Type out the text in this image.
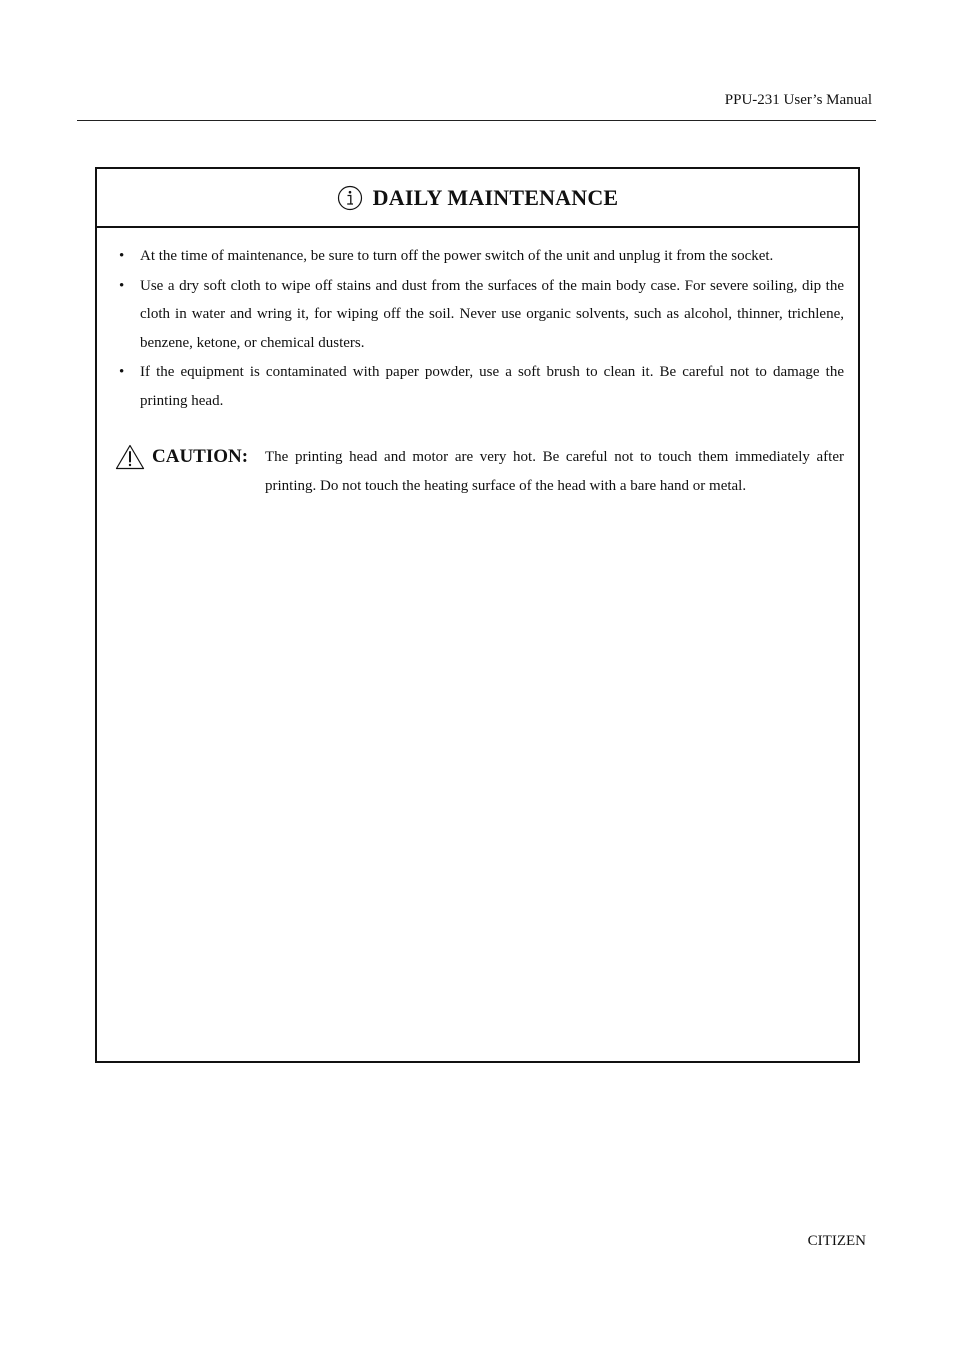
PPU-231 User’s Manual
DAILY MAINTENANCE
• At the time of maintenance, be sure to turn off the power switch of the unit and unplug it from the socket.
• Use a dry soft cloth to wipe off stains and dust from the surfaces of the main body case. For severe soiling, dip the cloth in water and wring it, for wiping off the soil. Never use organic solvents, such as alcohol, thinner, trichlene, benzene, ketone, or chemical dusters.
• If the equipment is contaminated with paper powder, use a soft brush to clean it. Be careful not to damage the printing head.
CAUTION: The printing head and motor are very hot. Be careful not to touch them immediately after printing. Do not touch the heating surface of the head with a bare hand or metal.
CITIZEN
